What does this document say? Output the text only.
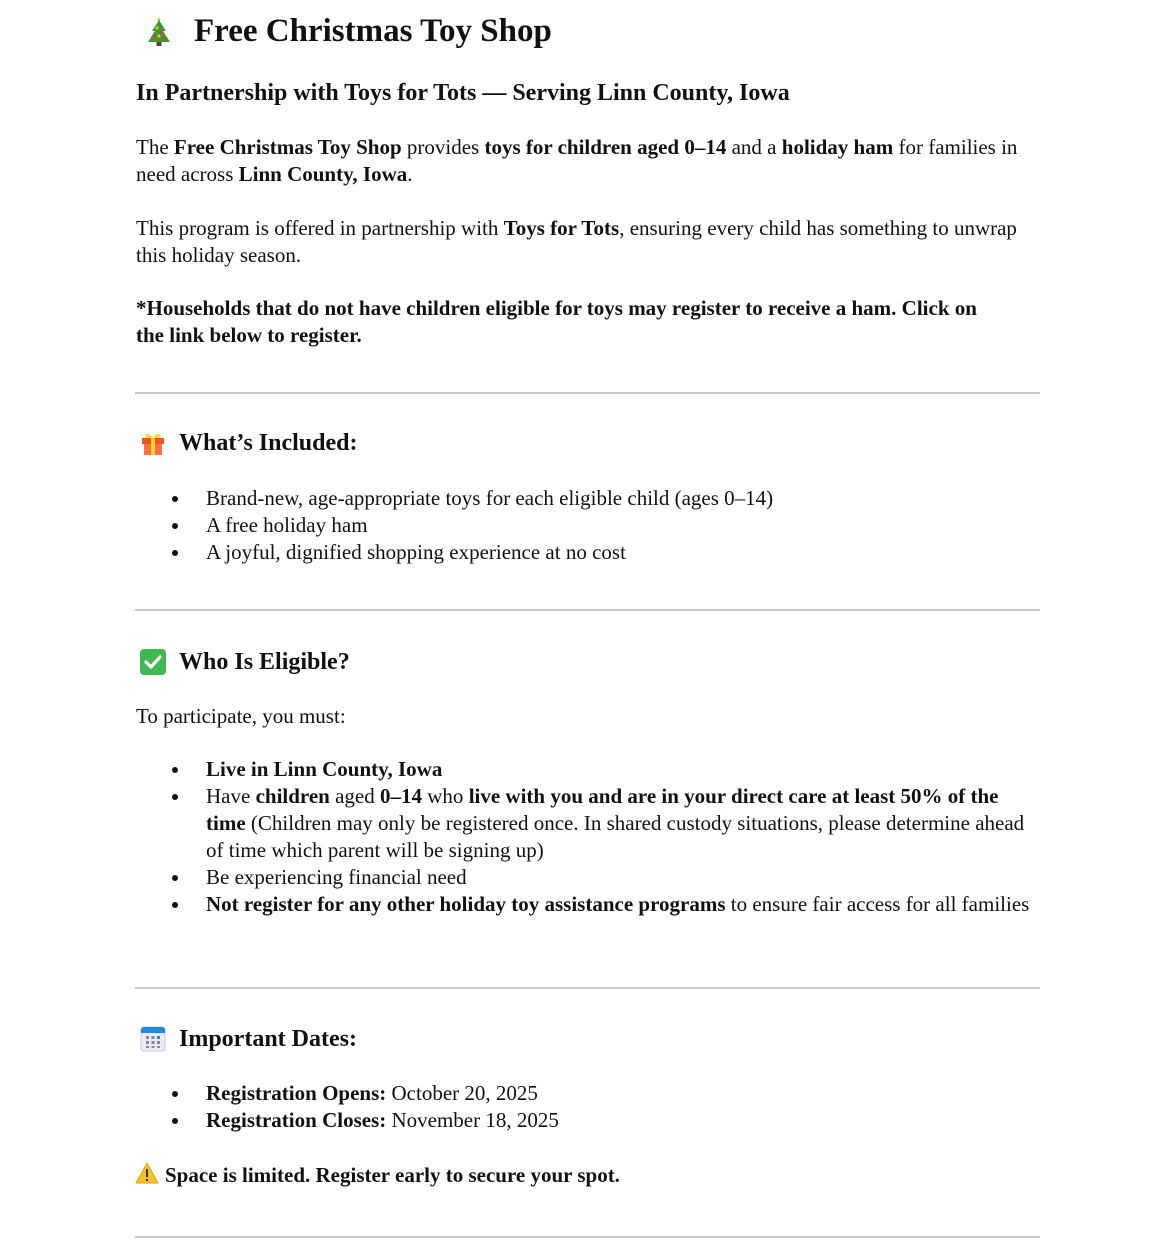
Free Christmas Toy Shop
In Partnership with Toys for Tots — Serving Linn County, Iowa
The Free Christmas Toy Shop provides toys for children aged 0–14 and a holiday ham for families in need across Linn County, Iowa.
This program is offered in partnership with Toys for Tots, ensuring every child has something to unwrap this holiday season.
*Households that do not have children eligible for toys may register to receive a ham. Click on the link below to register.
What’s Included:
Brand-new, age-appropriate toys for each eligible child (ages 0–14)
A free holiday ham
A joyful, dignified shopping experience at no cost
Who Is Eligible?
To participate, you must:
Live in Linn County, Iowa
Have children aged 0–14 who live with you and are in your direct care at least 50% of the time (Children may only be registered once. In shared custody situations, please determine ahead of time which parent will be signing up)
Be experiencing financial need
Not register for any other holiday toy assistance programs to ensure fair access for all families
Important Dates:
Registration Opens: October 20, 2025
Registration Closes: November 18, 2025
Space is limited. Register early to secure your spot.
